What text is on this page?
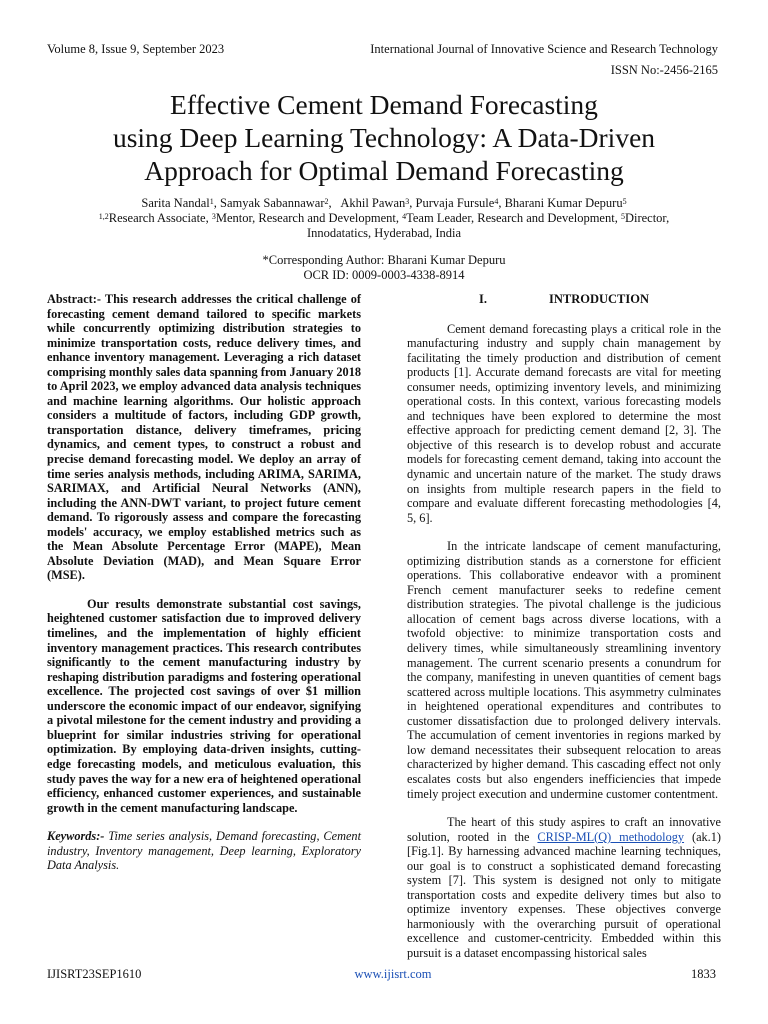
Volume 8, Issue 9, September 2023	International Journal of Innovative Science and Research Technology
ISSN No:-2456-2165
Effective Cement Demand Forecasting
using Deep Learning Technology: A Data-Driven
Approach for Optimal Demand Forecasting
Sarita Nandal$^1$, Samyak Sabannawar$^2$,   Akhil Pawan$^3$, Purvaja Fursule$^4$, Bharani Kumar Depuru$^5$
$^{1,2}$Research Associate, $^3$Mentor, Research and Development, $^4$Team Leader, Research and Development, $^5$Director,
Innodatatics, Hyderabad, India
*Corresponding Author: Bharani Kumar Depuru
OCR ID: 0009-0003-4338-8914

Abstract:- This research addresses the critical challenge of forecasting cement demand tailored to specific markets while concurrently optimizing distribution strategies to minimize transportation costs, reduce delivery times, and enhance inventory management. Leveraging a rich dataset comprising monthly sales data spanning from January 2018 to April 2023, we employ advanced data analysis techniques and machine learning algorithms. Our holistic approach considers a multitude of factors, including GDP growth, transportation distance, delivery timeframes, pricing dynamics, and cement types, to construct a robust and precise demand forecasting model. We deploy an array of time series analysis methods, including ARIMA, SARIMA, SARIMAX, and Artificial Neural Networks (ANN), including the ANN-DWT variant, to project future cement demand. To rigorously assess and compare the forecasting models' accuracy, we employ established metrics such as the Mean Absolute Percentage Error (MAPE), Mean Absolute Deviation (MAD), and Mean Square Error (MSE).

Our results demonstrate substantial cost savings, heightened customer satisfaction due to improved delivery timelines, and the implementation of highly efficient inventory management practices. This research contributes significantly to the cement manufacturing industry by reshaping distribution paradigms and fostering operational excellence. The projected cost savings of over $1 million underscore the economic impact of our endeavor, signifying a pivotal milestone for the cement industry and providing a blueprint for similar industries striving for operational optimization. By employing data-driven insights, cutting-edge forecasting models, and meticulous evaluation, this study paves the way for a new era of heightened operational efficiency, enhanced customer experiences, and sustainable growth in the cement manufacturing landscape.

Keywords:- Time series analysis, Demand forecasting, Cement industry, Inventory management, Deep learning, Exploratory Data Analysis.

I.	INTRODUCTION

Cement demand forecasting plays a critical role in the manufacturing industry and supply chain management by facilitating the timely production and distribution of cement products [1]. Accurate demand forecasts are vital for meeting consumer needs, optimizing inventory levels, and minimizing operational costs. In this context, various forecasting models and techniques have been explored to determine the most effective approach for predicting cement demand [2, 3]. The objective of this research is to develop robust and accurate models for forecasting cement demand, taking into account the dynamic and uncertain nature of the market. The study draws on insights from multiple research papers in the field to compare and evaluate different forecasting methodologies [4, 5, 6].

In the intricate landscape of cement manufacturing, optimizing distribution stands as a cornerstone for efficient operations. This collaborative endeavor with a prominent French cement manufacturer seeks to redefine cement distribution strategies. The pivotal challenge is the judicious allocation of cement bags across diverse locations, with a twofold objective: to minimize transportation costs and delivery times, while simultaneously streamlining inventory management. The current scenario presents a conundrum for the company, manifesting in uneven quantities of cement bags scattered across multiple locations. This asymmetry culminates in heightened operational expenditures and contributes to customer dissatisfaction due to prolonged delivery intervals. The accumulation of cement inventories in regions marked by low demand necessitates their subsequent relocation to areas characterized by higher demand. This cascading effect not only escalates costs but also engenders inefficiencies that impede timely project execution and undermine customer contentment.

The heart of this study aspires to craft an innovative solution, rooted in the CRISP-ML(Q) methodology (ak.1) [Fig.1]. By harnessing advanced machine learning techniques, our goal is to construct a sophisticated demand forecasting system [7]. This system is designed not only to mitigate transportation costs and expedite delivery times but also to optimize inventory expenses. These objectives converge harmoniously with the overarching pursuit of operational excellence and customer-centricity. Embedded within this pursuit is a dataset encompassing historical sales

IJISRT23SEP1610	www.ijisrt.com	1833
